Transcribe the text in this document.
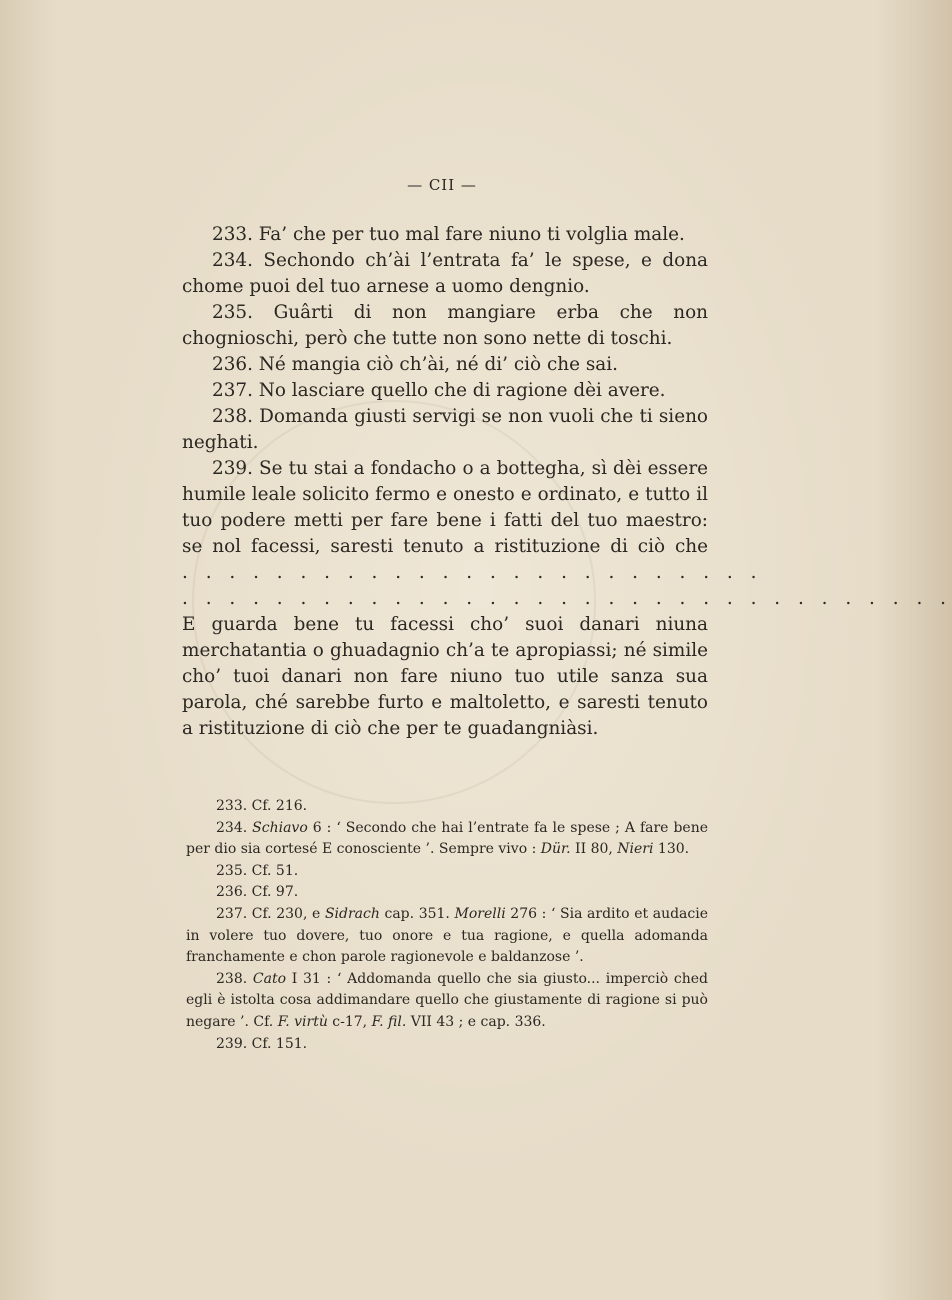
— CII —

233. Fa’ che per tuo mal fare niuno ti volglia male.

234. Sechondo ch’ài l’entrata fa’ le spese, e dona chome puoi del tuo arnese a uomo dengnio.

235. Guârti di non mangiare erba che non chognioschi, però che tutte non sono nette di toschi.

236. Né mangia ciò ch’ài, né di’ ciò che sai.

237. No lasciare quello che di ragione dèi avere.

238. Domanda giusti servigi se non vuoli che ti sieno neghati.

239. Se tu stai a fondacho o a bottegha, sì dèi essere humile leale solicito fermo e onesto e ordinato, e tutto il tuo podere metti per fare bene i fatti del tuo maestro: se nol facessi, saresti tenuto a ristituzione di ciò che . . . . . . . . . . . . . . . . . . . . . . . . .

. . . . . . . . . . . . . . . . . . . . . . . . . . . . . . . . .

E guarda bene tu facessi cho’ suoi danari niuna merchatantia o ghuadagnio ch’a te apropiassi; né simile cho’ tuoi danari non fare niuno tuo utile sanza sua parola, ché sarebbe furto e maltoletto, e saresti tenuto a ristituzione di ciò che per te guadangniàsi.

233. Cf. 216.

234. Schiavo 6 : ‘ Secondo che hai l’entrate fa le spese ; A fare bene per dio sia cortesé E conosciente ’. Sempre vivo : Dür. II 80, Nieri 130.

235. Cf. 51.

236. Cf. 97.

237. Cf. 230, e Sidrach cap. 351. Morelli 276 : ‘ Sia ardito et audacie in volere tuo dovere, tuo onore e tua ragione, e quella adomanda franchamente e chon parole ragionevole e baldanzose ’.

238. Cato I 31 : ‘ Addomanda quello che sia giusto... imperciò ched egli è istolta cosa addimandare quello che giustamente di ragione si può negare ’. Cf. F. virtù c-17, F. fil. VII 43 ; e cap. 336.

239. Cf. 151.
